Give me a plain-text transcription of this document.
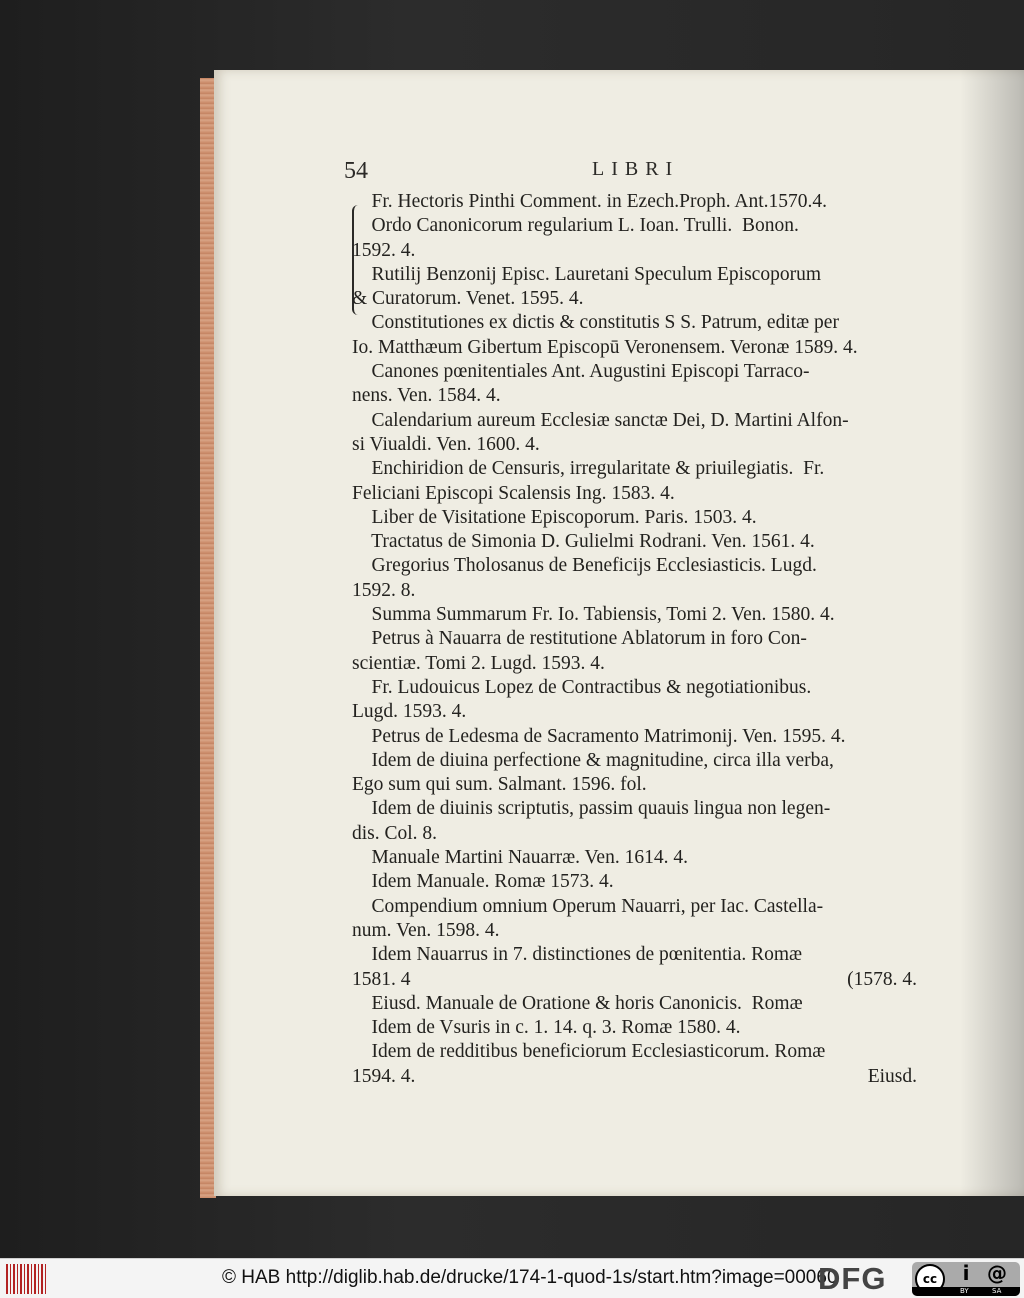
54	LIBRI
Fr. Hectoris Pinthi Comment. in Ezech.Proph. Ant.1570.4.
Ordo Canonicorum regularium L. Ioan. Trulli.  Bonon.
1592. 4.
Rutilij Benzonij Episc. Lauretani Speculum Episcoporum
& Curatorum. Venet. 1595. 4.
Constitutiones ex dictis & constitutis S S. Patrum, editæ per
Io. Matthæum Gibertum Episcopū Veronensem. Veronæ 1589. 4.
Canones pœnitentiales Ant. Augustini Episcopi Tarraco-
nens. Ven. 1584. 4.
Calendarium aureum Ecclesiæ sanctæ Dei, D. Martini Alfon-
si Viualdi. Ven. 1600. 4.
Enchiridion de Censuris, irregularitate & priuilegiatis.  Fr.
Feliciani Episcopi Scalensis Ing. 1583. 4.
Liber de Visitatione Episcoporum. Paris. 1503. 4.
Tractatus de Simonia D. Gulielmi Rodrani. Ven. 1561. 4.
Gregorius Tholosanus de Beneficijs Ecclesiasticis. Lugd.
1592. 8.
Summa Summarum Fr. Io. Tabiensis, Tomi 2. Ven. 1580. 4.
Petrus à Nauarra de restitutione Ablatorum in foro Con-
scientiæ. Tomi 2. Lugd. 1593. 4.
Fr. Ludouicus Lopez de Contractibus & negotiationibus.
Lugd. 1593. 4.
Petrus de Ledesma de Sacramento Matrimonij. Ven. 1595. 4.
Idem de diuina perfectione & magnitudine, circa illa verba,
Ego sum qui sum. Salmant. 1596. fol.
Idem de diuinis scriptutis, passim quauis lingua non legen-
dis. Col. 8.
Manuale Martini Nauarræ. Ven. 1614. 4.
Idem Manuale. Romæ 1573. 4.
Compendium omnium Operum Nauarri, per Iac. Castella-
num. Ven. 1598. 4.
Idem Nauarrus in 7. distinctiones de pœnitentia. Romæ
1581. 4	(1578. 4.
Eiusd. Manuale de Oratione & horis Canonicis.  Romæ
Idem de Vsuris in c. 1. 14. q. 3. Romæ 1580. 4.
Idem de redditibus beneficiorum Ecclesiasticorum. Romæ
1594. 4.	Eiusd.
© HAB http://diglib.hab.de/drucke/174-1-quod-1s/start.htm?image=00060
DFG	cc	i @
BY	SA
